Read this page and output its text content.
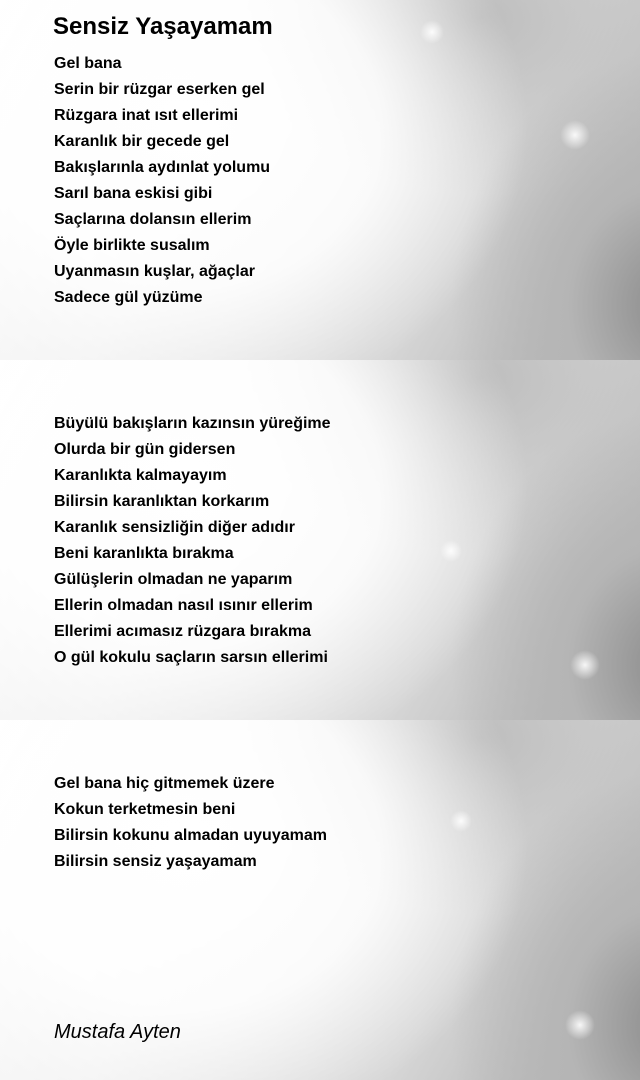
Sensiz Yaşayamam
Gel bana
Serin bir rüzgar eserken gel
Rüzgara inat ısıt ellerimi
Karanlık bir gecede gel
Bakışlarınla aydınlat yolumu
Sarıl bana eskisi gibi
Saçlarına dolansın ellerim
Öyle birlikte susalım
Uyanmasın kuşlar, ağaçlar
Sadece gül yüzüme
Büyülü bakışların kazınsın yüreğime
Olurda bir gün gidersen
Karanlıkta kalmayayım
Bilirsin karanlıktan korkarım
Karanlık sensizliğin diğer adıdır
Beni karanlıkta bırakma
Gülüşlerin olmadan ne yaparım
Ellerin olmadan nasıl ısınır ellerim
Ellerimi acımasız rüzgara bırakma
O gül kokulu saçların sarsın ellerimi
Gel bana hiç gitmemek üzere
Kokun terketmesin beni
Bilirsin kokunu almadan uyuyamam
Bilirsin sensiz yaşayamam
Mustafa Ayten
